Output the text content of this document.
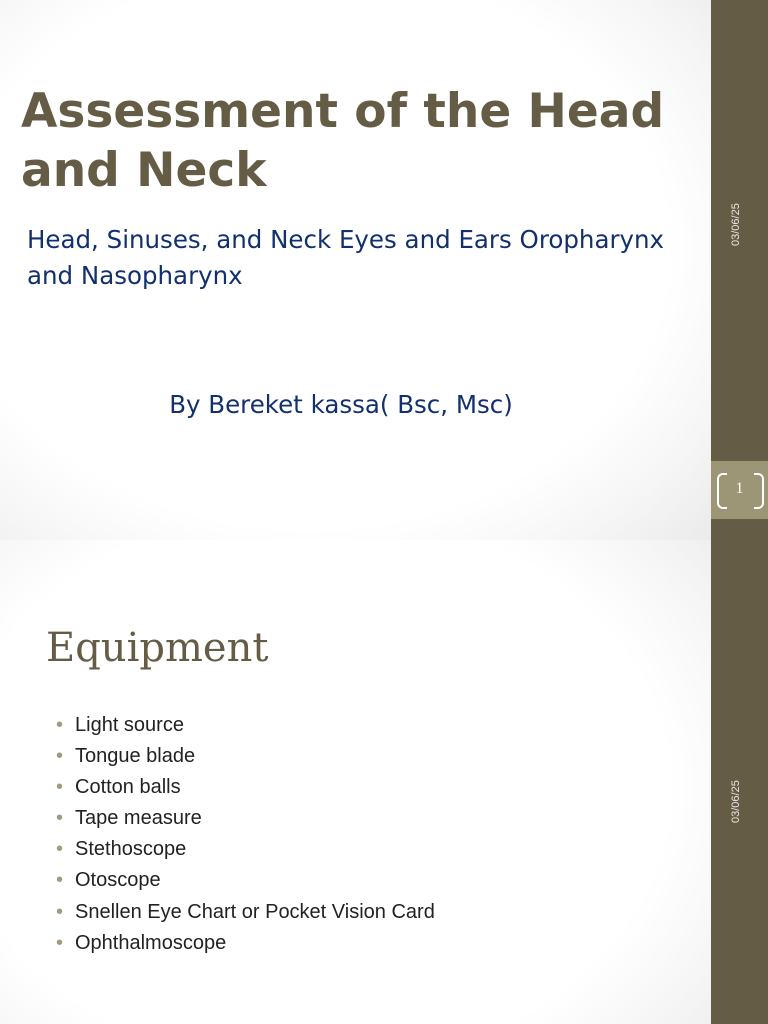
Assessment of the Head and Neck

Head, Sinuses, and Neck Eyes and Ears Oropharynx and Nasopharynx

By Bereket kassa( Bsc, Msc)

03/06/25
1
Equipment
• Light source
• Tongue blade
• Cotton balls
• Tape measure
• Stethoscope
• Otoscope
• Snellen Eye Chart or Pocket Vision Card
• Ophthalmoscope
03/06/25
